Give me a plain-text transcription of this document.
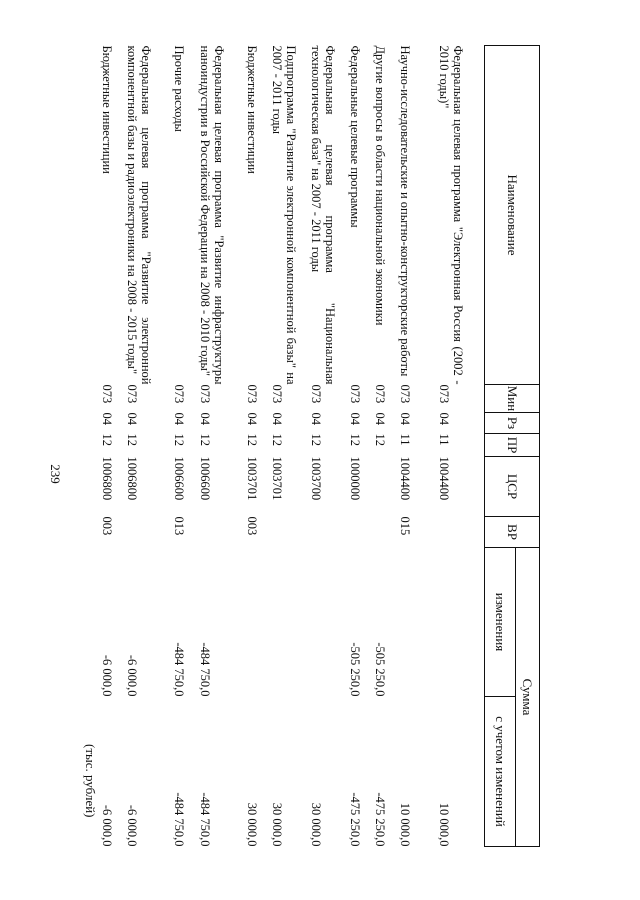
239
(тыс. рублей)
Наименование	Мин	Рз	ПР	ЦСР	ВР	Сумма	
						изменения	с учетом изменений
Федеральная целевая программа "Электронная Россия (2002 - 2010 годы)"	073	04	11	1004400			10 000,0
Научно-исследовательские и опытно-конструкторские работы	073	04	11	1004400	015		10 000,0
Другие вопросы в области национальной экономики	073	04	12			-505 250,0	-475 250,0
Федеральные целевые программы	073	04	12	1000000		-505 250,0	-475 250,0
Федеральная целевая программа "Национальная технологическая база" на 2007 - 2011 годы	073	04	12	1003700			30 000,0
Подпрограмма "Развитие электронной компонентной базы" на 2007 - 2011 годы	073	04	12	1003701			30 000,0
Бюджетные инвестиции	073	04	12	1003701	003		30 000,0
Федеральная целевая программа "Развитие инфраструктуры наноиндустрии в Российской Федерации на 2008 - 2010 годы"	073	04	12	1006600		-484 750,0	-484 750,0
Прочие расходы	073	04	12	1006600	013	-484 750,0	-484 750,0
Федеральная целевая программа "Развитие электронной компонентной базы и радиоэлектроники на 2008 - 2015 годы"	073	04	12	1006800		-6 000,0	-6 000,0
Бюджетные инвестиции	073	04	12	1006800	003	-6 000,0	-6 000,0
